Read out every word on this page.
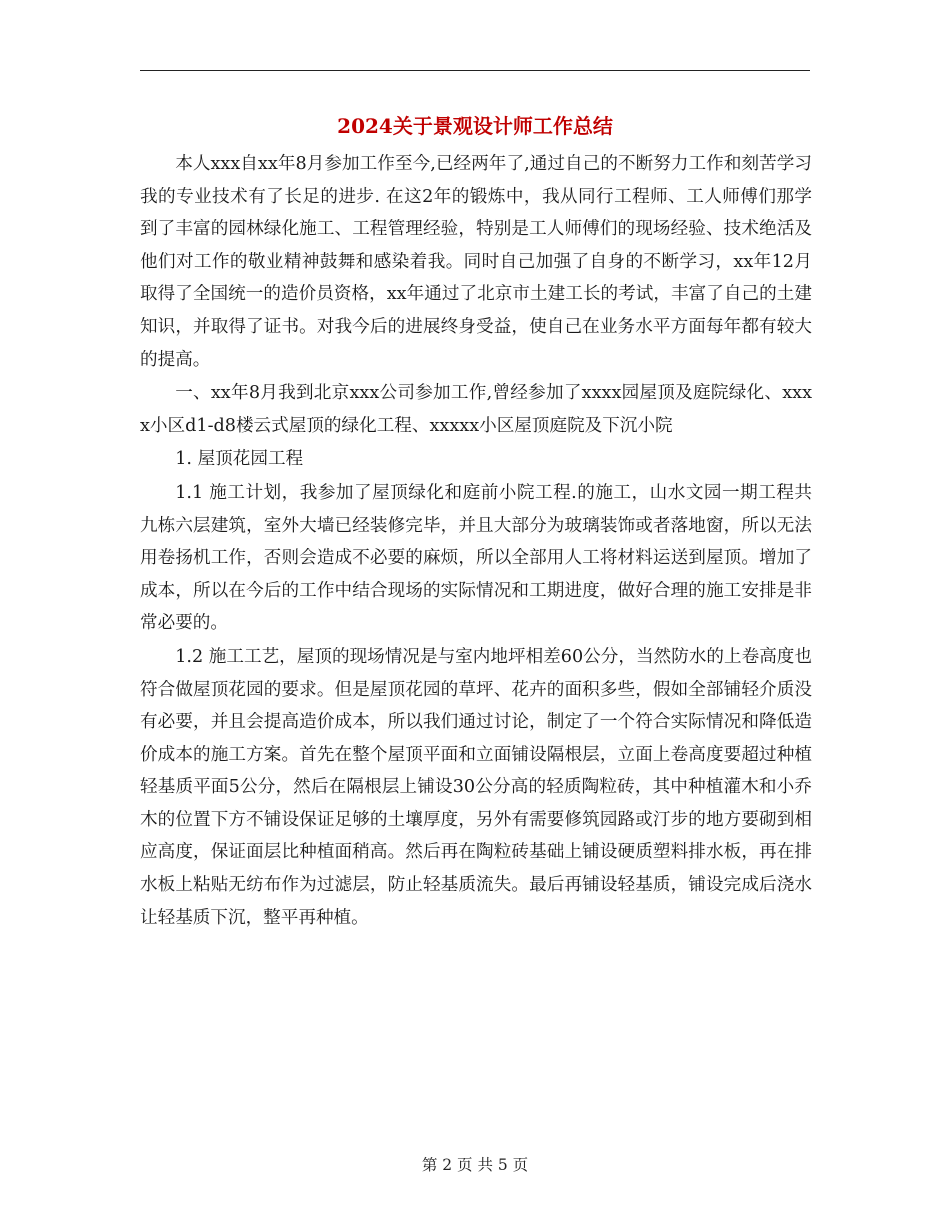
2024关于景观设计师工作总结

本人xxx自xx年8月参加工作至今,已经两年了,通过自己的不断努力工作和刻苦学习我的专业技术有了长足的进步. 在这2年的锻炼中，我从同行工程师、工人师傅们那学到了丰富的园林绿化施工、工程管理经验，特别是工人师傅们的现场经验、技术绝活及他们对工作的敬业精神鼓舞和感染着我。同时自己加强了自身的不断学习，xx年12月取得了全国统一的造价员资格，xx年通过了北京市土建工长的考试，丰富了自己的土建知识，并取得了证书。对我今后的进展终身受益，使自己在业务水平方面每年都有较大的提高。

一、xx年8月我到北京xxx公司参加工作,曾经参加了xxxx园屋顶及庭院绿化、xxxx小区d1-d8楼云式屋顶的绿化工程、xxxxx小区屋顶庭院及下沉小院

1. 屋顶花园工程

1.1 施工计划，我参加了屋顶绿化和庭前小院工程.的施工，山水文园一期工程共九栋六层建筑，室外大墙已经装修完毕，并且大部分为玻璃装饰或者落地窗，所以无法用卷扬机工作，否则会造成不必要的麻烦，所以全部用人工将材料运送到屋顶。增加了成本，所以在今后的工作中结合现场的实际情况和工期进度，做好合理的施工安排是非常必要的。

1.2 施工工艺，屋顶的现场情况是与室内地坪相差60公分，当然防水的上卷高度也符合做屋顶花园的要求。但是屋顶花园的草坪、花卉的面积多些，假如全部铺轻介质没有必要，并且会提高造价成本，所以我们通过讨论，制定了一个符合实际情况和降低造价成本的施工方案。首先在整个屋顶平面和立面铺设隔根层，立面上卷高度要超过种植轻基质平面5公分，然后在隔根层上铺设30公分高的轻质陶粒砖，其中种植灌木和小乔木的位置下方不铺设保证足够的土壤厚度，另外有需要修筑园路或汀步的地方要砌到相应高度，保证面层比种植面稍高。然后再在陶粒砖基础上铺设硬质塑料排水板，再在排水板上粘贴无纺布作为过滤层，防止轻基质流失。最后再铺设轻基质，铺设完成后浇水让轻基质下沉，整平再种植。

第 2 页 共 5 页
